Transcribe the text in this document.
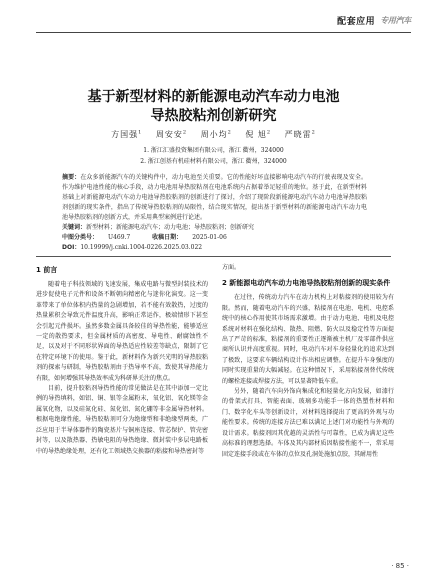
配套应用 专用汽车
基于新型材料的新能源电动汽车动力电池
导热胶粘剂创新研究
方国强$^1$ 周安安$^2$ 周小均$^2$ 倪 旭$^2$ 严晓雷$^2$
1. 浙江汇盛投资集团有限公司，浙江 衢州，324000
2. 浙江创基有机硅材料有限公司，浙江 衢州，324000

摘要：在众多新能源汽车的关键构件中，动力电池至关重要。它的性能好坏直接影响电动汽车的行驶表现及安全。作为维护电池性能的核心手段，动力电池用导热胶粘剂在电池系统内占据着举足轻重的地位。基于此，在新型材料基础上对新能源电动汽车动力电池导热胶粘剂的创新进行了探讨，介绍了现阶段新能源电动汽车动力电池导热胶粘剂创新的现实条件，指出了传统导热胶粘剂的局限性，结合现实情况，提出基于新型材料的新能源电动汽车动力电池导热胶粘剂的创新方式，并采用典型案例进行论述。

关键词：新型材料；新能源电动汽车；动力电池；导热胶粘剂；创新研究

中图分类号： U469.7	收稿日期： 2025-01-06

DOI：10.19999/j.cnki.1004-0226.2025.03.022

1 前言

随着电子科技领域的飞速发展，集成电路与微型封装技术的进步促使电子元件和设备不断朝向精密化与迷你化演变。这一变革带来了单位体积内热量的急剧增加，若不能有效散热，过度的热量累积会导致元件温度升高，影响正常运作，极端情形下甚至会引起元件损坏。虽然多数金属具备较佳的导热性能，能够适应一定的散热要求，但金属材质的高密度、导电性、耐腐蚀性不足，以及对于不同形状界面的导热适应性较差等缺点，限制了它在特定环境下的使用。鉴于此，新材料作为新兴光明的导热胶粘剂的探索与研制，导热胶粘剂由于热导率不高，致使其导热能力有限，如何增强其导热效率成为科研界关注的焦点。

目前，提升胶粘剂导热性能的常见做法是在其中添加一定比例的导热填料，如铝、铜、银等金属粉末，氧化铝、氧化镁等金属氧化物，以及硅氮化硅、氮化铝、氮化硼等非金属导热材料。根据电绝缘性能，导热胶粘剂可分为绝缘型和非绝缘型两类，广泛应用于半导体器件的陶瓷基片与铜座连接、管芯保护、管壳密封等，以及散热器、热敏电阻的导热绝缘、微封装中多层电路板中的导热绝缘处理，还有化工领域热交换器的粘接和导热密封等

方面。

2 新能源电动汽车动力电池导热胶粘剂创新的现实条件

在过往，传统动力汽车在动力机构上对粘接剂的使用较为有限。然而，随着电动汽车的兴盛，粘接剂在电池、电机、电控系统中的核心作用使其市场需求激增。由于动力电池、电机及电控系统对材料在强化结构、散热、阻燃、防火以及稳定性等方面提出了严苛的标准，粘接剂的重要性正逐渐被主机厂及零部件供应商所认识并高度重视。同时，电动汽车对车身轻量化的追求达到了极致，这要求车辆结构设计作出相应调整。在提升车身强度的同时实现重量的大幅减轻。在这种情况下，采用粘接剂替代传统的螺栓连接或焊接方法，可以显著降低车重。

另外，随着汽车向外饰向集成化和轻量化方向发展，如漆行的骨架式打具、智能表面、玻璃多功能手一体的热塑性材料和门、数字化车头等创新设计，对材料选择提出了更高的外观与功能性要求。传统的连接方法已难以满足上述门对功能性与外观的设计需求。粘接剂因其优越的灵活性与可靠性，已成为满足这些高标准的理想选择。车体及其内部材质因粘接性能不一，常采用固定连接手段或在车体的点位及孔洞处施加点胶，其耐用性

· 85 ·
